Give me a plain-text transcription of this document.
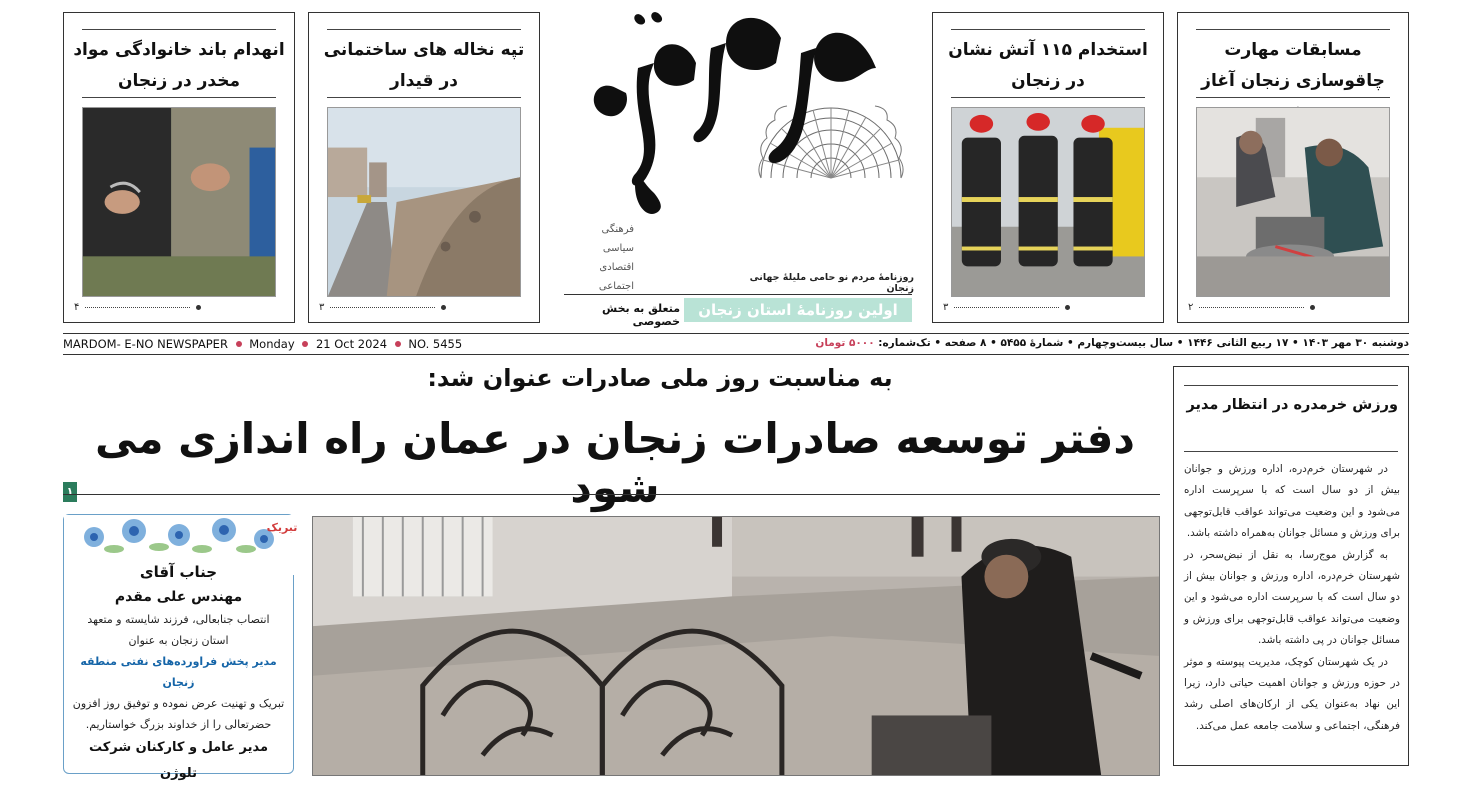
مسابقات مهارت چاقوسازی زنجان آغاز
۲
استخدام ۱۱۵ آتش نشان در زنجان
۳
تپه نخاله های ساختمانی در قیدار
۳
انهدام باند خانوادگی مواد مخدر در زنجان
۴
فرهنگی
سیاسی
اقتصادی
اجتماعی
روزنامهٔ مردم نو حامی ملیلهٔ جهانی زنجان
اولین روزنامهٔ استان زنجان
متعلق به بخش خصوصی
MARDOM- E-NO NEWSPAPER Monday 21 Oct 2024 NO. 5455	دوشنبه ۳۰ مهر ۱۴۰۳ • ۱۷ ربیع الثانی ۱۴۴۶ • سال بیست‌وچهارم • شمارهٔ ۵۴۵۵ • ۸ صفحه • تک‌شماره: ۵۰۰۰ تومان
به مناسبت روز ملی صادرات عنوان شد:
دفتر توسعه صادرات زنجان در عمان راه اندازی می شود
۱
تبریک
جناب آقای
مهندس علی مقدم
انتصاب جنابعالی، فرزند شایسته و متعهد
استان زنجان به عنوان
مدیر پخش فراورده‌های نفتی منطقه زنجان
تبریک و تهنیت عرض نموده و توفیق روز افزون
حضرتعالی را از خداوند بزرگ خواستاریم.
مدیر عامل و کارکنان شرکت تلوژن
ورزش خرمدره در انتظار مدیر

در شهرستان خرم‌دره، اداره ورزش و جوانان بیش از دو سال است که با سرپرست اداره می‌شود و این وضعیت می‌تواند عواقب قابل‌توجهی برای ورزش و مسائل جوانان به‌همراه داشته باشد.

به گزارش موج‌رسا، به نقل از نبض‌سحر، در شهرستان خرم‌دره، اداره ورزش و جوانان بیش از دو سال است که با سرپرست اداره می‌شود و این وضعیت می‌تواند عواقب قابل‌توجهی برای ورزش و مسائل جوانان در پی داشته باشد.

در یک شهرستان کوچک، مدیریت پیوسته و موثر در حوزه ورزش و جوانان اهمیت حیاتی دارد، زیرا این نهاد به‌عنوان یکی از ارکان‌های اصلی رشد فرهنگی، اجتماعی و سلامت جامعه عمل می‌کند.
